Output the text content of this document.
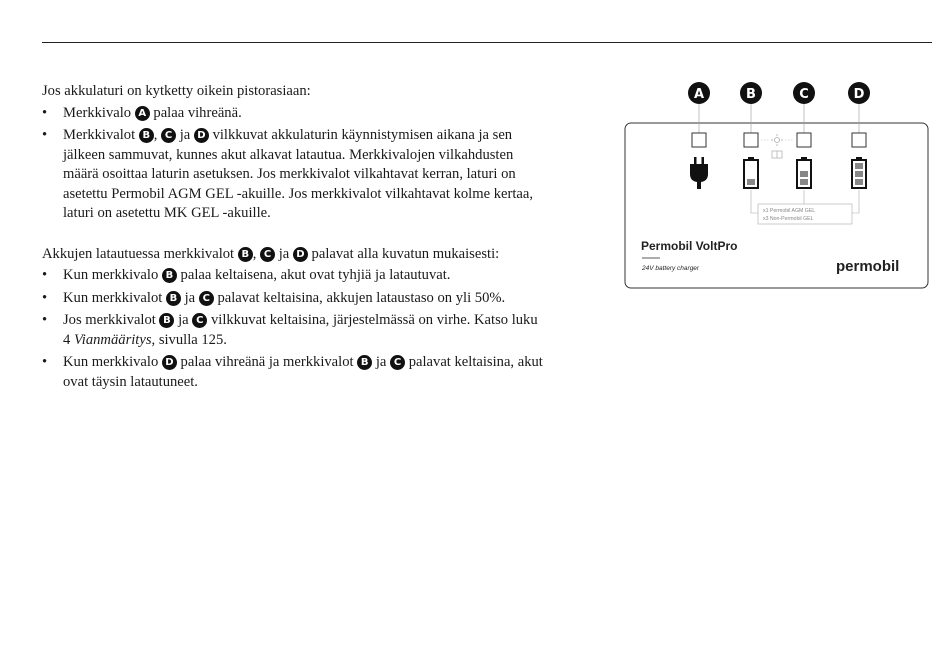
Jos akkulaturi on kytketty oikein pistorasiaan:

• Merkkivalo A palaa vihreänä.
• Merkkivalot B , C ja D vilkkuvat akkulaturin käynnistymisen aikana ja sen jälkeen sammuvat, kunnes akut alkavat latautua. Merkkivalojen vilkahdusten määrä osoittaa laturin asetuksen. Jos merkkivalot vilkahtavat kerran, laturi on asetettu Permobil AGM GEL -akuille. Jos merkkivalot vilkahtavat kolme kertaa, laturi on asetettu MK GEL -akuille.

Akkujen latautuessa merkkivalot B , C ja D palavat alla kuvatun mukaisesti:

• Kun merkkivalo B palaa keltaisena, akut ovat tyhjiä ja latautuvat.
• Kun merkkivalot B ja C palavat keltaisina, akkujen lataustaso on yli 50%.
• Jos merkkivalot B ja C vilkkuvat keltaisina, järjestelmässä on virhe. Katso luku 4 Vianmääritys, sivulla 125.
• Kun merkkivalo D palaa vihreänä ja merkkivalot B ja C palavat keltaisina, akut ovat täysin latautuneet.
A	B	C	D
x1 Permobil AGM GEL
x3 Non-Permobil GEL
Permobil VoltPro
24V battery charger	permobil
